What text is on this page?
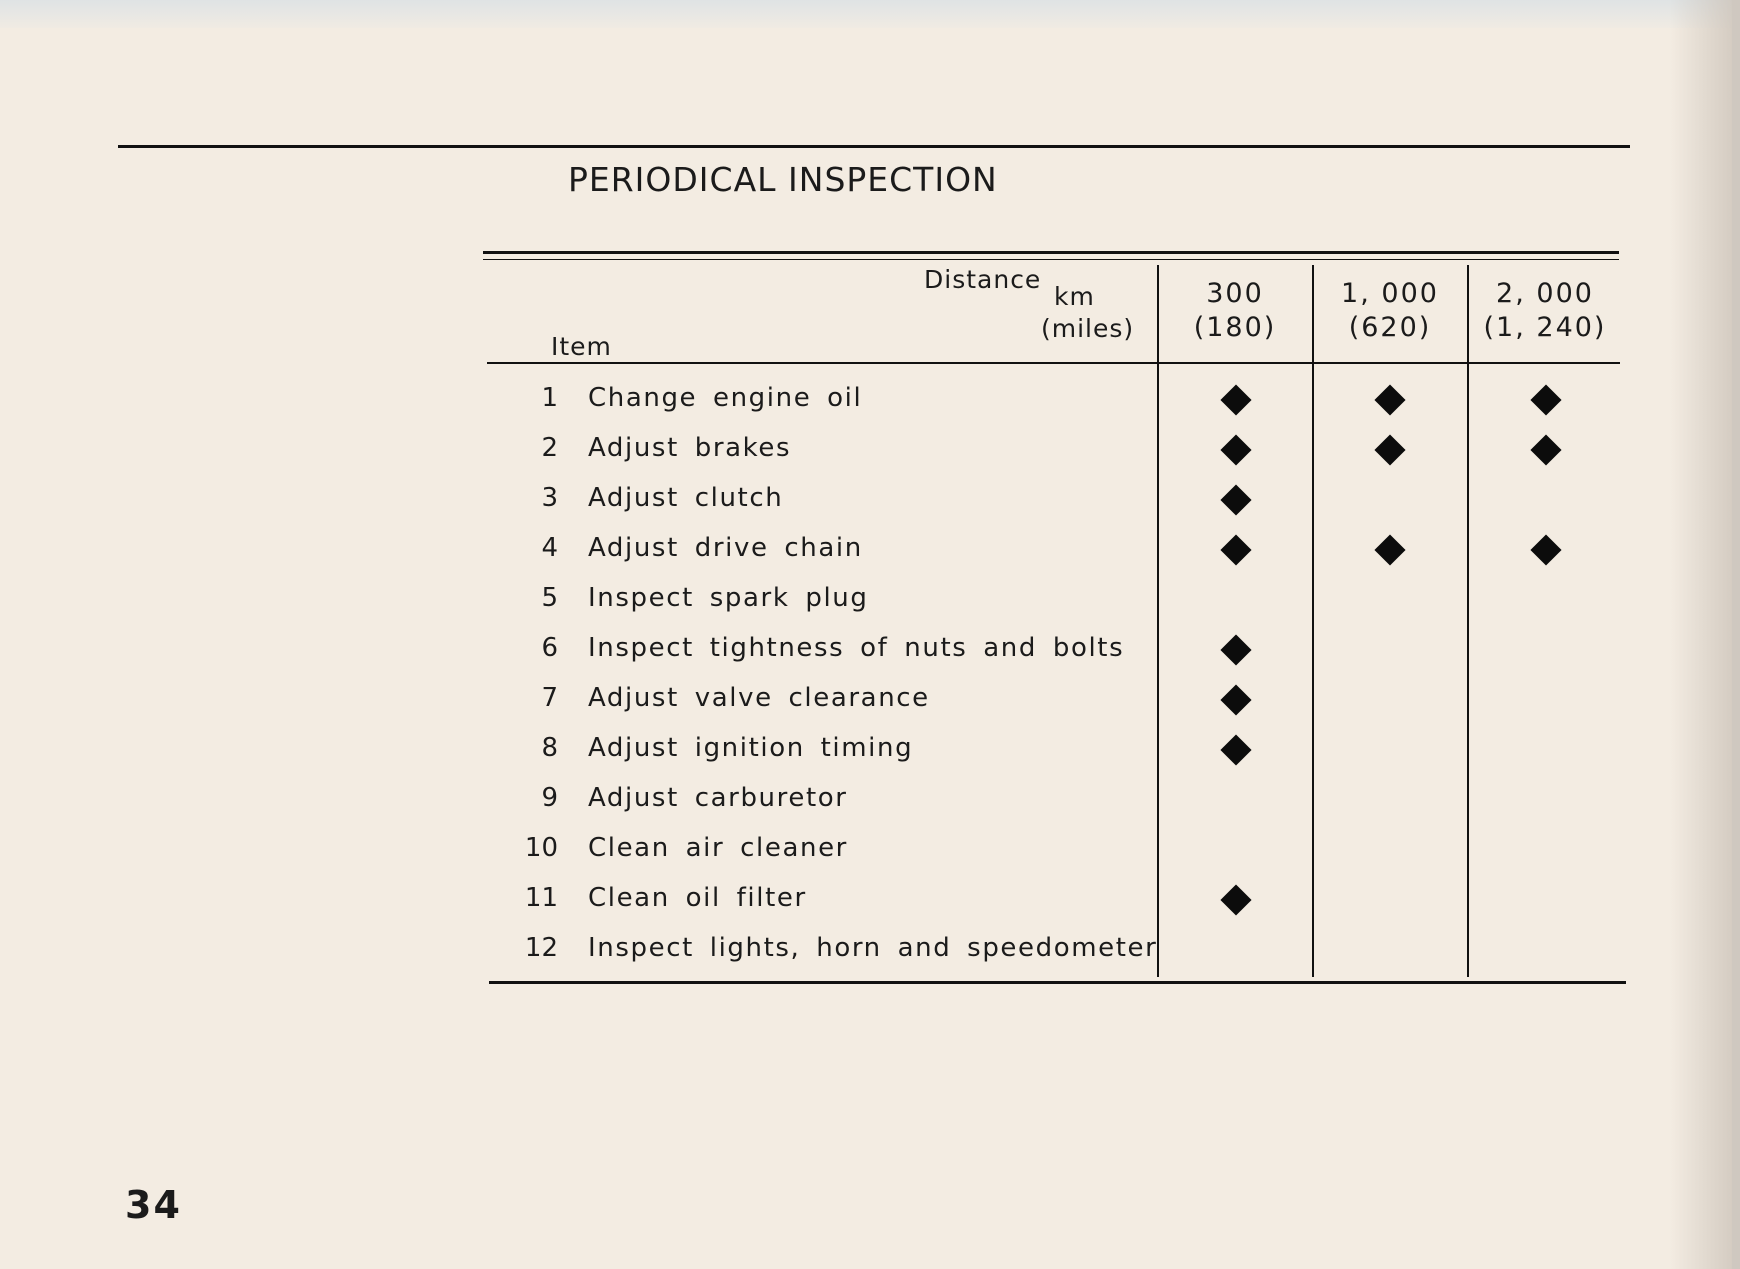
PERIODICAL INSPECTION
Distance
km
(miles)
Item
300
(180)
1, 000
(620)
2, 000
(1, 240)
1 Change engine oil
2 Adjust brakes
3 Adjust clutch
4 Adjust drive chain
5 Inspect spark plug
6 Inspect tightness of nuts and bolts
7 Adjust valve clearance
8 Adjust ignition timing
9 Adjust carburetor
10 Clean air cleaner
11 Clean oil filter
12 Inspect lights, horn and speedometer
34
